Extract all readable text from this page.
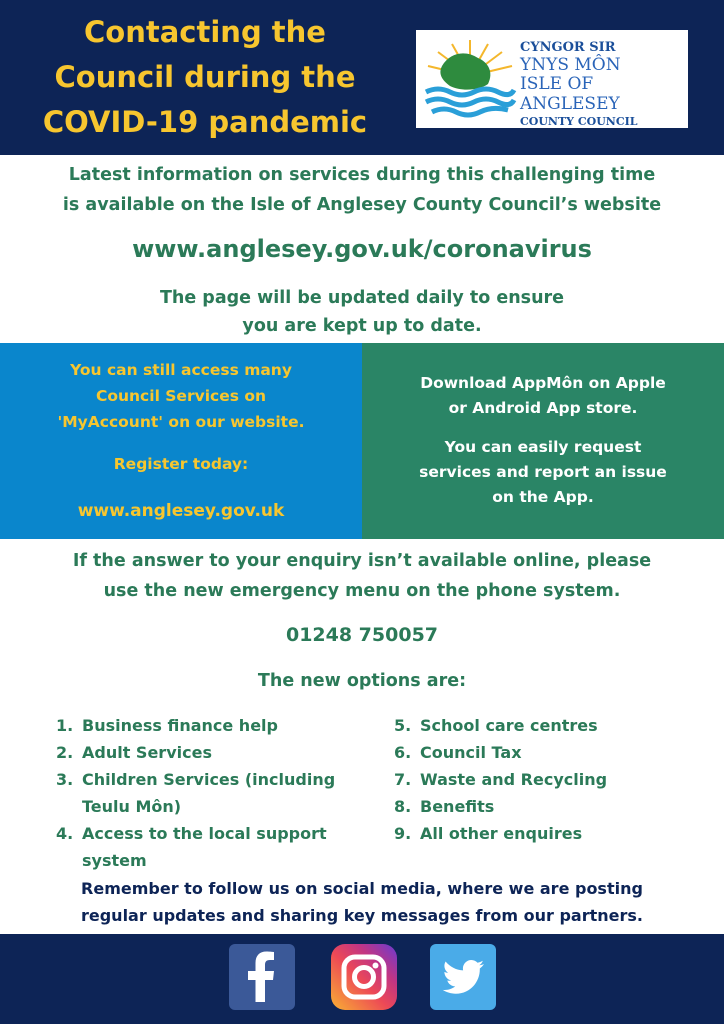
Contacting the
Council during the
COVID-19 pandemic
CYNGOR SIR
YNYS MÔN
ISLE OF ANGLESEY
COUNTY COUNCIL
Latest information on services during this challenging time
is available on the Isle of Anglesey County Council’s website
www.anglesey.gov.uk/coronavirus
The page will be updated daily to ensure
you are kept up to date.
You can still access many
Council Services on
'MyAccount' on our website.
Register today:
www.anglesey.gov.uk
Download AppMôn on Apple
or Android App store.
You can easily request
services and report an issue
on the App.
If the answer to your enquiry isn’t available online, please
use the new emergency menu on the phone system.
01248 750057
The new options are:
1. Business finance help
2. Adult Services
3. Children Services (including
Teulu Môn)
4. Access to the local support
system
5. School care centres
6. Council Tax
7. Waste and Recycling
8. Benefits
9. All other enquires
Remember to follow us on social media, where we are posting
regular updates and sharing key messages from our partners.
